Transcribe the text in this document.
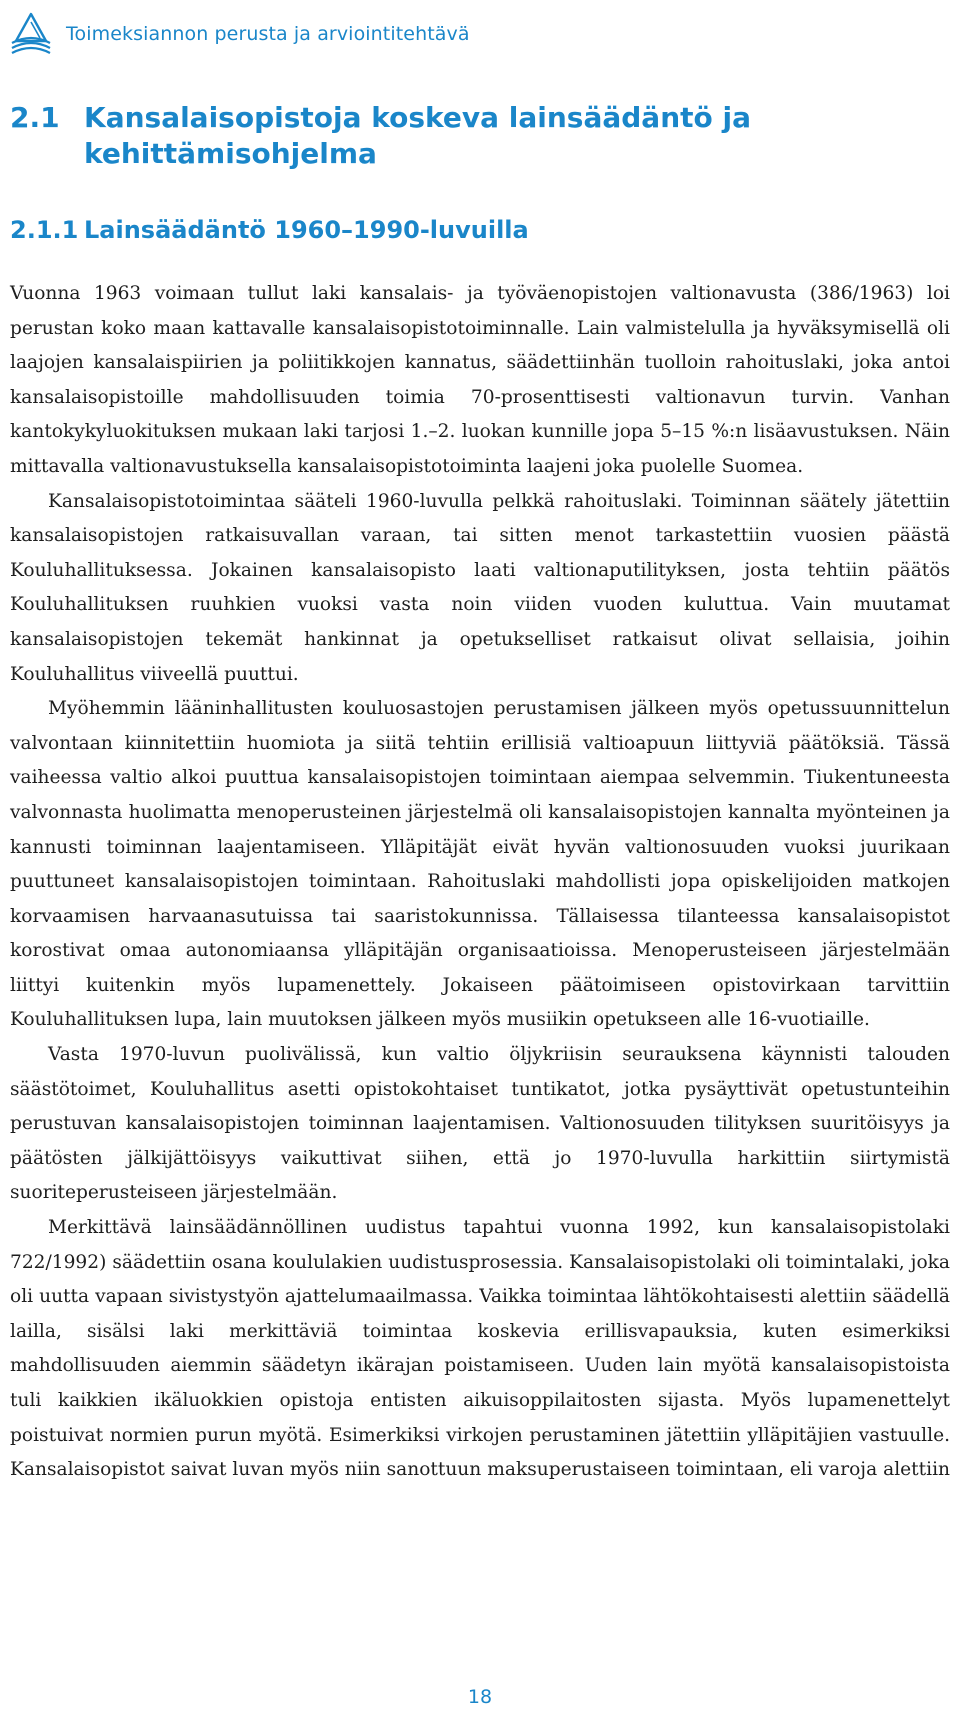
Toimeksiannon perusta ja arviointitehtävä
2.1 Kansalaisopistoja koskeva lainsäädäntö ja kehittämisohjelma
2.1.1 Lainsäädäntö 1960–1990-luvuilla

Vuonna 1963 voimaan tullut laki kansalais- ja työväenopistojen valtionavusta (386/1963) loi perustan koko maan kattavalle kansalaisopistotoiminnalle. Lain valmistelulla ja hyväksymisellä oli laajojen kansalaispiirien ja poliitikkojen kannatus, säädettiinhän tuolloin rahoituslaki, joka antoi kansalaisopistoille mahdollisuuden toimia 70-prosenttisesti valtionavun turvin. Vanhan kantokykyluokituksen mukaan laki tarjosi 1.–2. luokan kunnille jopa 5–15 %:n lisäavustuksen. Näin mittavalla valtionavustuksella kansalaisopistotoiminta laajeni joka puolelle Suomea.

Kansalaisopistotoimintaa sääteli 1960-luvulla pelkkä rahoituslaki. Toiminnan säätely jätettiin kansalaisopistojen ratkaisuvallan varaan, tai sitten menot tarkastettiin vuosien päästä Kouluhallituksessa. Jokainen kansalaisopisto laati valtionaputilityksen, josta tehtiin päätös Kouluhallituksen ruuhkien vuoksi vasta noin viiden vuoden kuluttua. Vain muutamat kansalaisopistojen tekemät hankinnat ja opetukselliset ratkaisut olivat sellaisia, joihin Kouluhallitus viiveellä puuttui.

Myöhemmin lääninhallitusten kouluosastojen perustamisen jälkeen myös opetussuunnittelun valvontaan kiinnitettiin huomiota ja siitä tehtiin erillisiä valtioapuun liittyviä päätöksiä. Tässä vaiheessa valtio alkoi puuttua kansalaisopistojen toimintaan aiempaa selvemmin. Tiukentuneesta valvonnasta huolimatta menoperusteinen järjestelmä oli kansalaisopistojen kannalta myönteinen ja kannusti toiminnan laajentamiseen. Ylläpitäjät eivät hyvän valtionosuuden vuoksi juurikaan puuttuneet kansalaisopistojen toimintaan. Rahoituslaki mahdollisti jopa opiskelijoiden matkojen korvaamisen harvaanasutuissa tai saaristokunnissa. Tällaisessa tilanteessa kansalaisopistot korostivat omaa autonomiaansa ylläpitäjän organisaatioissa. Menoperusteiseen järjestelmään liittyi kuitenkin myös lupamenettely. Jokaiseen päätoimiseen opistovirkaan tarvittiin Kouluhallituksen lupa, lain muutoksen jälkeen myös musiikin opetukseen alle 16-vuotiaille.

Vasta 1970-luvun puolivälissä, kun valtio öljykriisin seurauksena käynnisti talouden säästötoimet, Kouluhallitus asetti opistokohtaiset tuntikatot, jotka pysäyttivät opetustunteihin perustuvan kansalaisopistojen toiminnan laajentamisen. Valtionosuuden tilityksen suuritöisyys ja päätösten jälkijättöisyys vaikuttivat siihen, että jo 1970-luvulla harkittiin siirtymistä suoriteperusteiseen järjestelmään.

Merkittävä lainsäädännöllinen uudistus tapahtui vuonna 1992, kun kansalaisopistolaki 722/1992) säädettiin osana koululakien uudistusprosessia. Kansalaisopistolaki oli toimintalaki, joka oli uutta vapaan sivistystyön ajattelumaailmassa. Vaikka toimintaa lähtökohtaisesti alettiin säädellä lailla, sisälsi laki merkittäviä toimintaa koskevia erillisvapauksia, kuten esimerkiksi mahdollisuuden aiemmin säädetyn ikärajan poistamiseen. Uuden lain myötä kansalaisopistoista tuli kaikkien ikäluokkien opistoja entisten aikuisoppilaitosten sijasta. Myös lupamenettelyt poistuivat normien purun myötä. Esimerkiksi virkojen perustaminen jätettiin ylläpitäjien vastuulle. Kansalaisopistot saivat luvan myös niin sanottuun maksuperustaiseen toimintaan, eli varoja alettiin

18
